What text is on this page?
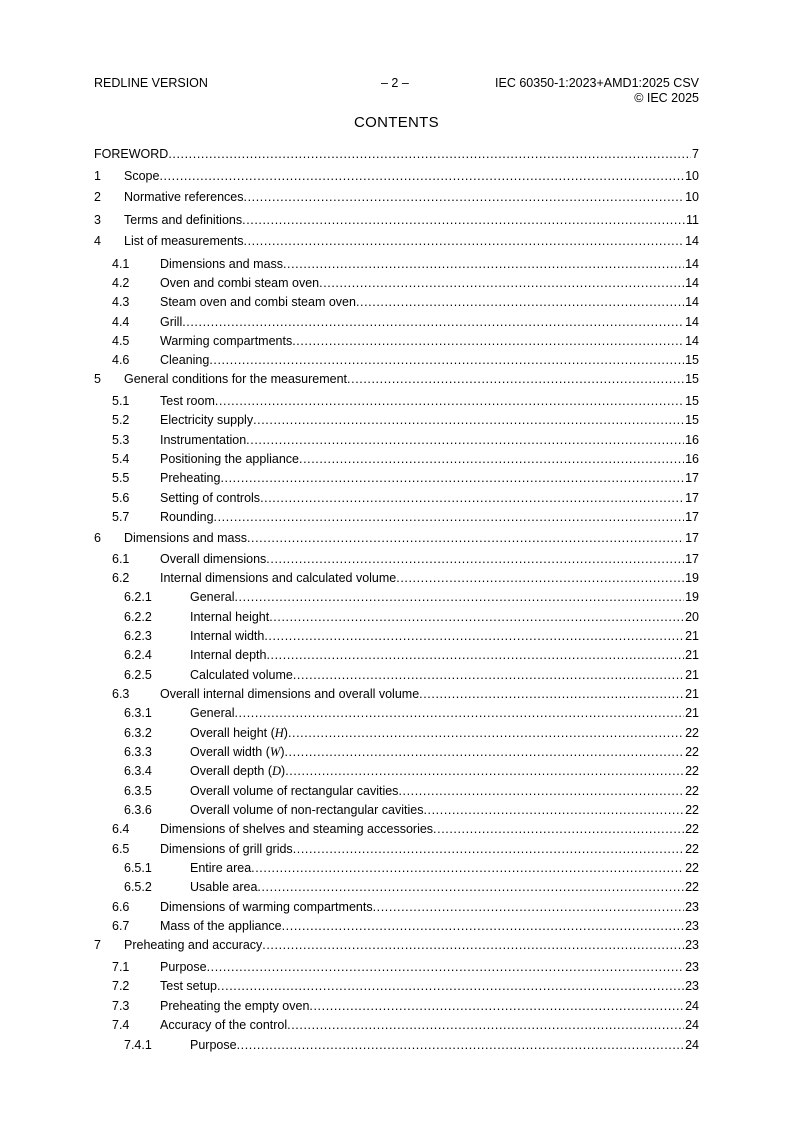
REDLINE VERSION	– 2 –	IEC 60350-1:2023+AMD1:2025 CSV
© IEC 2025
CONTENTS
FOREWORD .....	7
1 Scope .....	10
2 Normative references .....	10
3 Terms and definitions .....	11
4 List of measurements .....	14
4.1 Dimensions and mass .....	14
4.2 Oven and combi steam oven .....	14
4.3 Steam oven and combi steam oven .....	14
4.4 Grill .....	14
4.5 Warming compartments .....	14
4.6 Cleaning .....	15
5 General conditions for the measurement .....	15
5.1 Test room .....	15
5.2 Electricity supply .....	15
5.3 Instrumentation .....	16
5.4 Positioning the appliance .....	16
5.5 Preheating .....	17
5.6 Setting of controls .....	17
5.7 Rounding .....	17
6 Dimensions and mass .....	17
6.1 Overall dimensions .....	17
6.2 Internal dimensions and calculated volume .....	19
6.2.1	General .....	19
6.2.2	Internal height .....	20
6.2.3	Internal width .....	21
6.2.4	Internal depth .....	21
6.2.5	Calculated volume .....	21
6.3 Overall internal dimensions and overall volume .....	21
6.3.1	General .....	21
6.3.2	Overall height (H) .....	22
6.3.3	Overall width (W) .....	22
6.3.4	Overall depth (D) .....	22
6.3.5	Overall volume of rectangular cavities .....	22
6.3.6	Overall volume of non-rectangular cavities .....	22
6.4 Dimensions of shelves and steaming accessories .....	22
6.5 Dimensions of grill grids .....	22
6.5.1	Entire area .....	22
6.5.2	Usable area .....	22
6.6 Dimensions of warming compartments .....	23
6.7 Mass of the appliance .....	23
7 Preheating and accuracy .....	23
7.1 Purpose .....	23
7.2 Test setup .....	23
7.3 Preheating the empty oven .....	24
7.4 Accuracy of the control .....	24
7.4.1	Purpose .....	24
